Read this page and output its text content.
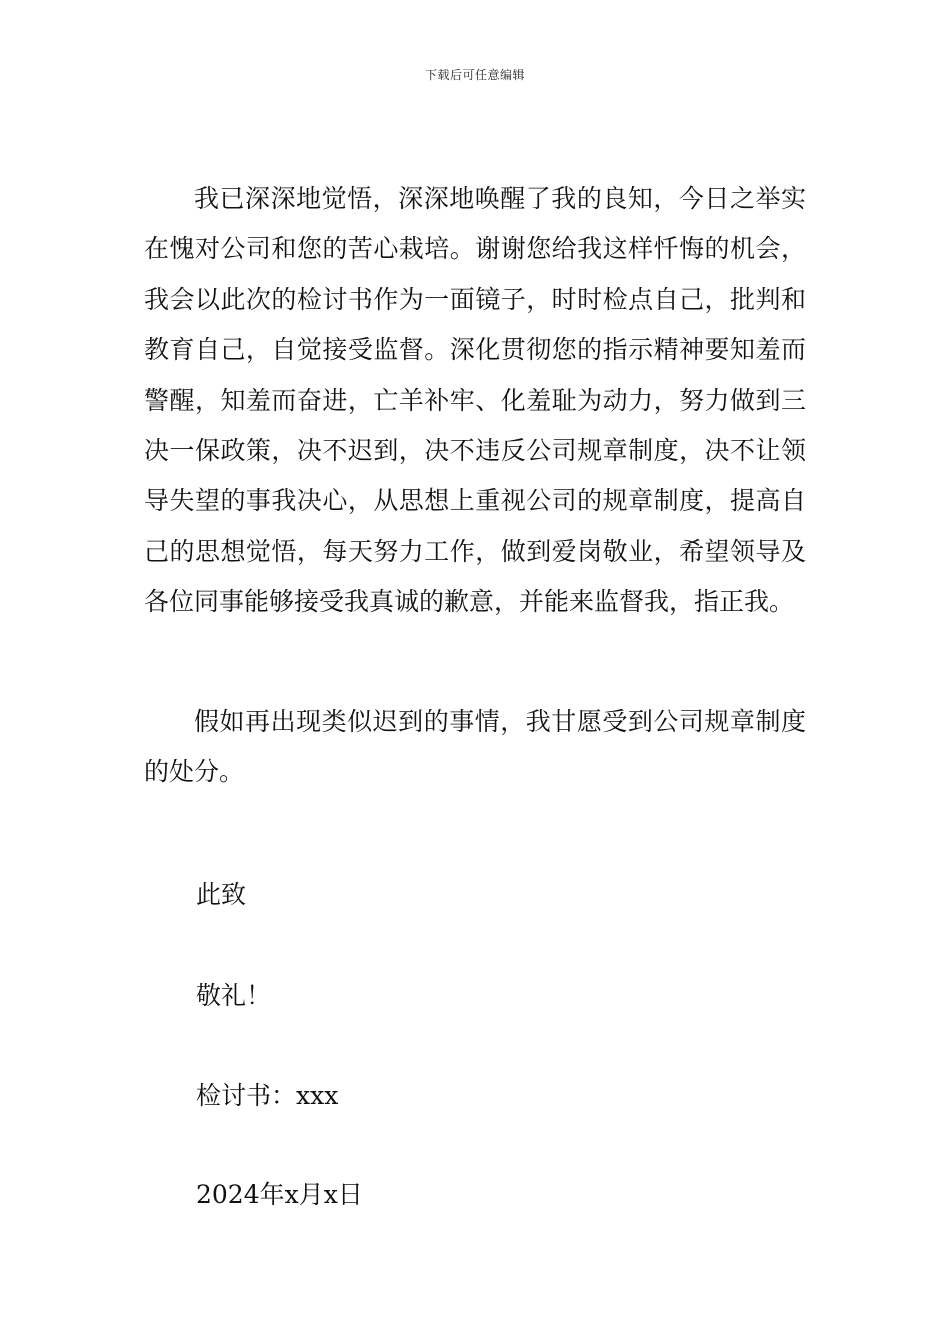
下载后可任意编辑

我已深深地觉悟，深深地唤醒了我的良知，今日之举实在愧对公司和您的苦心栽培。谢谢您给我这样忏悔的机会，我会以此次的检讨书作为一面镜子，时时检点自己，批判和教育自己，自觉接受监督。深化贯彻您的指示精神要知羞而警醒，知羞而奋进，亡羊补牢、化羞耻为动力，努力做到三决一保政策，决不迟到，决不违反公司规章制度，决不让领导失望的事我决心，从思想上重视公司的规章制度，提高自己的思想觉悟，每天努力工作，做到爱岗敬业，希望领导及各位同事能够接受我真诚的歉意，并能来监督我，指正我。

假如再出现类似迟到的事情，我甘愿受到公司规章制度的处分。

此致

敬礼！

检讨书：xxx

2024年x月x日
